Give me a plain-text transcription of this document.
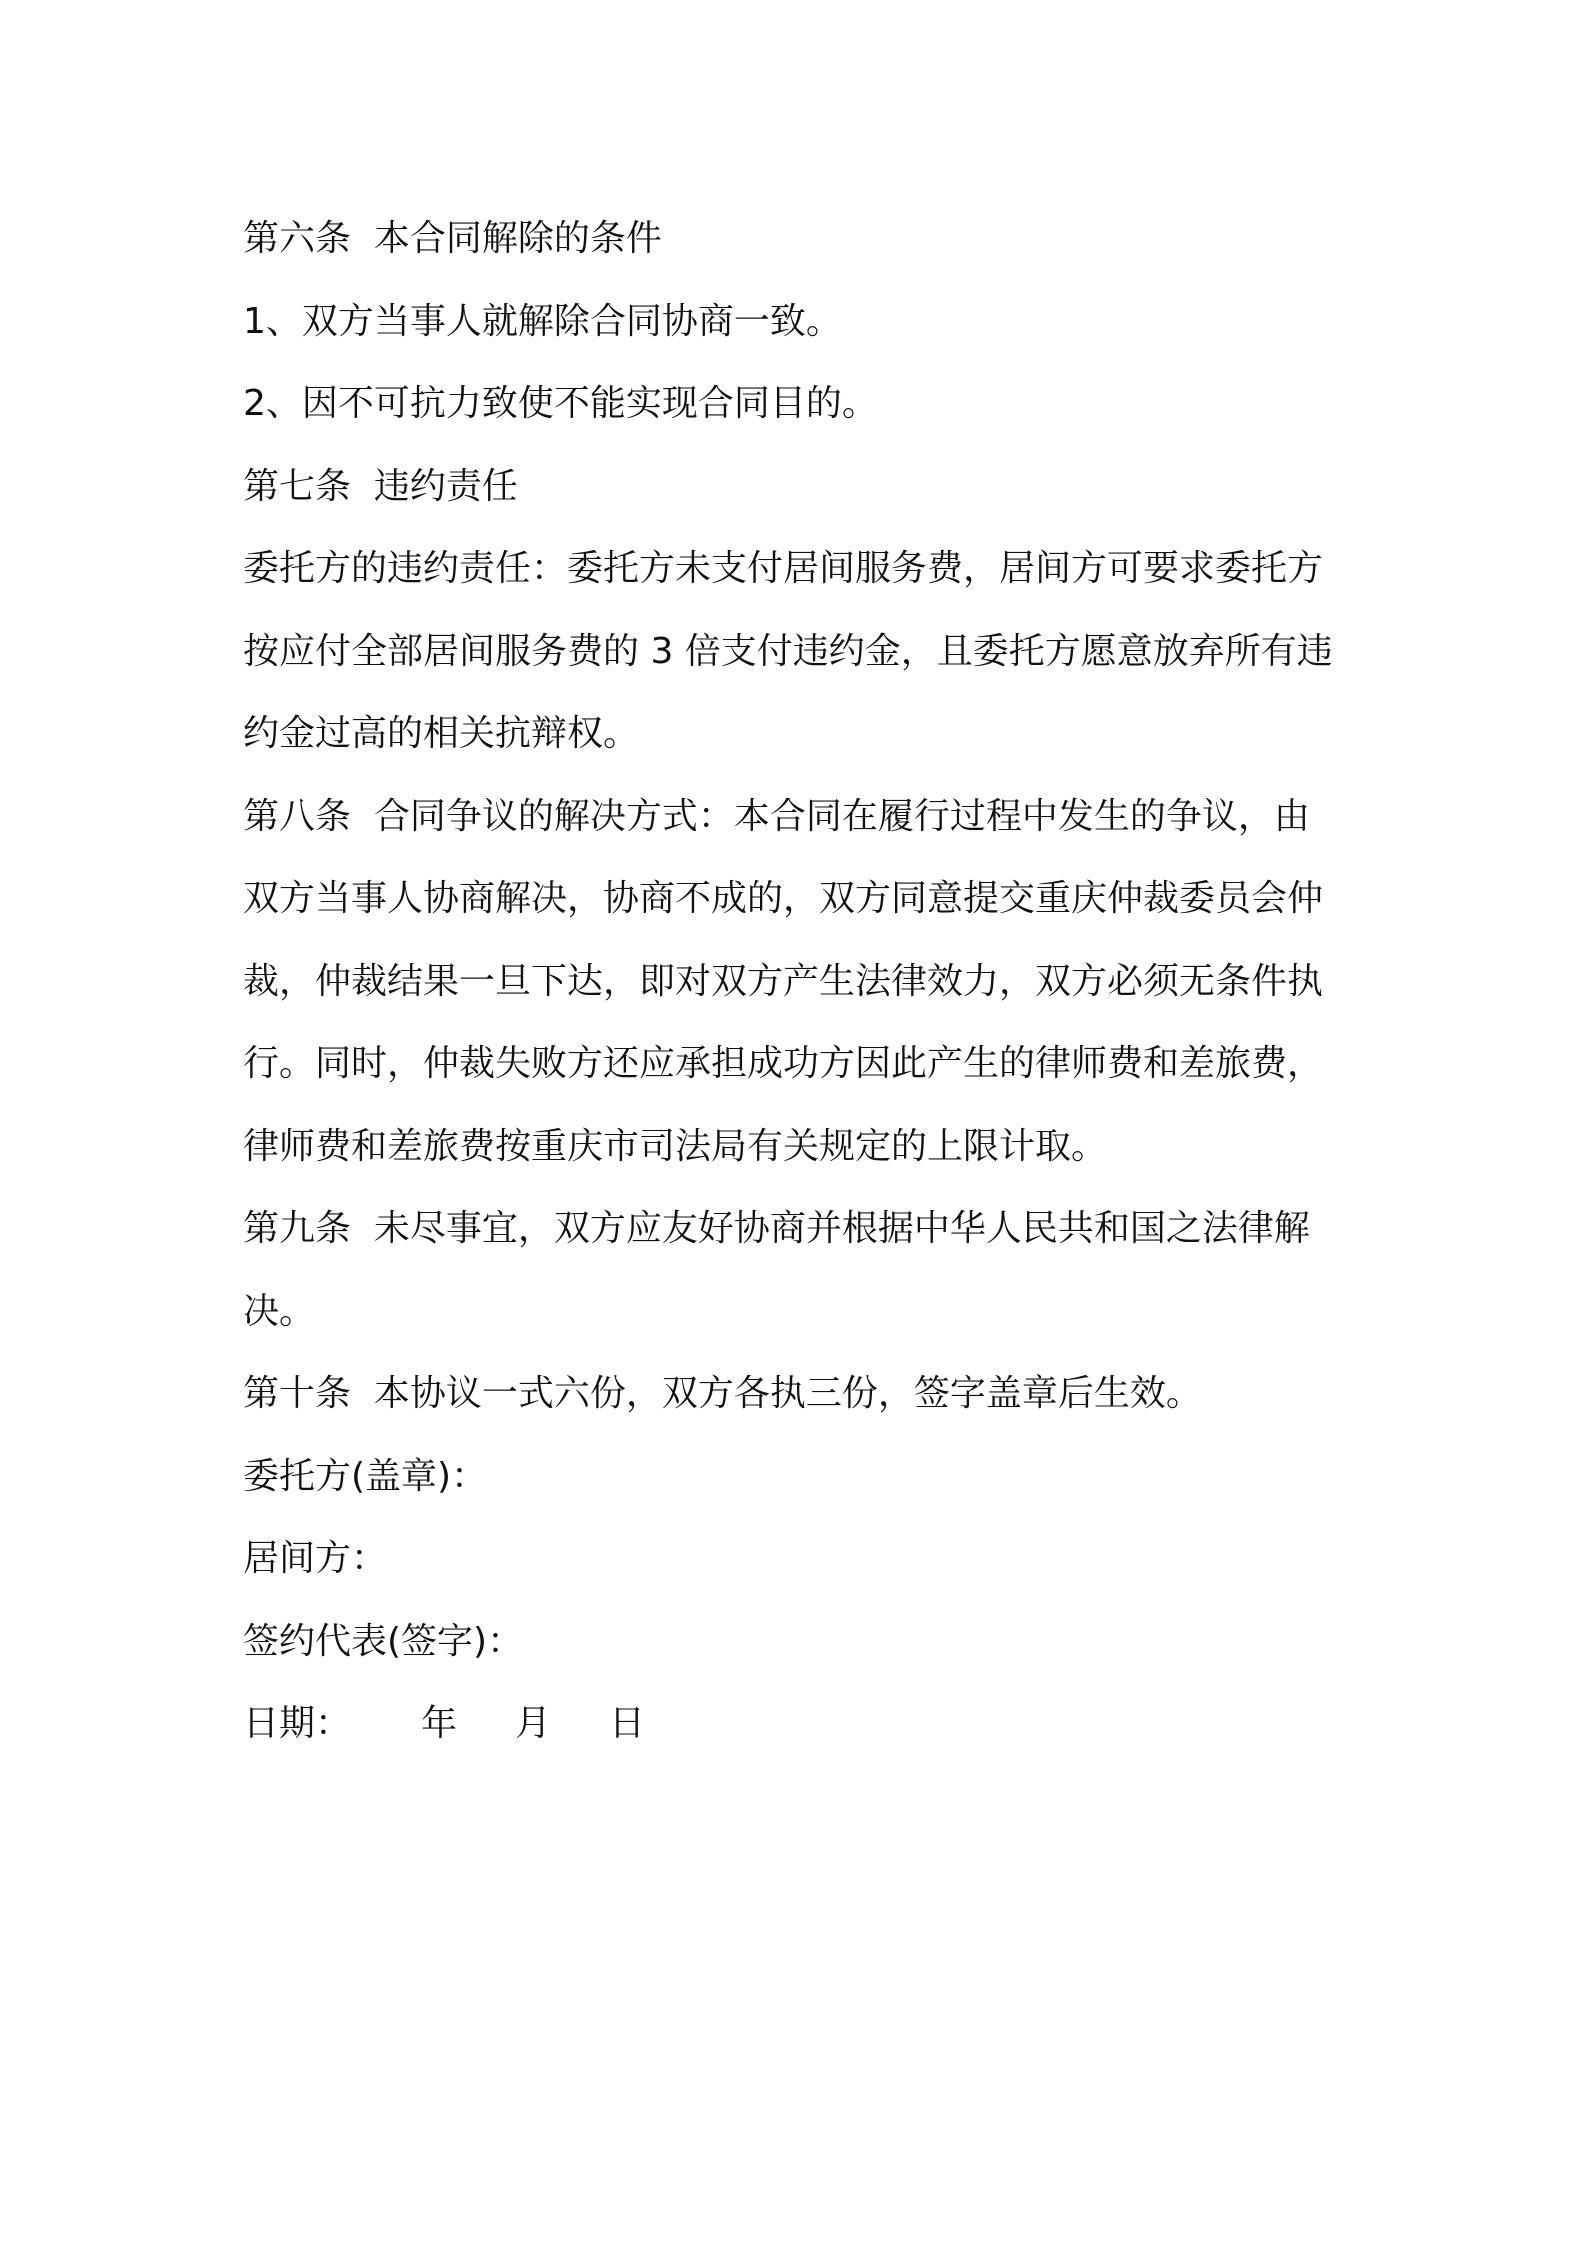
第六条  本合同解除的条件

1、双方当事人就解除合同协商一致。

2、因不可抗力致使不能实现合同目的。

第七条  违约责任

委托方的违约责任：委托方未支付居间服务费，居间方可要求委托方

按应付全部居间服务费的 3 倍支付违约金，且委托方愿意放弃所有违

约金过高的相关抗辩权。

第八条  合同争议的解决方式：本合同在履行过程中发生的争议，由

双方当事人协商解决，协商不成的，双方同意提交重庆仲裁委员会仲

裁，仲裁结果一旦下达，即对双方产生法律效力，双方必须无条件执

行。同时，仲裁失败方还应承担成功方因此产生的律师费和差旅费，

律师费和差旅费按重庆市司法局有关规定的上限计取。

第九条  未尽事宜，双方应友好协商并根据中华人民共和国之法律解

决。

第十条  本协议一式六份，双方各执三份，签字盖章后生效。

委托方(盖章)：

居间方：

签约代表(签字)：

日期： 年 月 日
